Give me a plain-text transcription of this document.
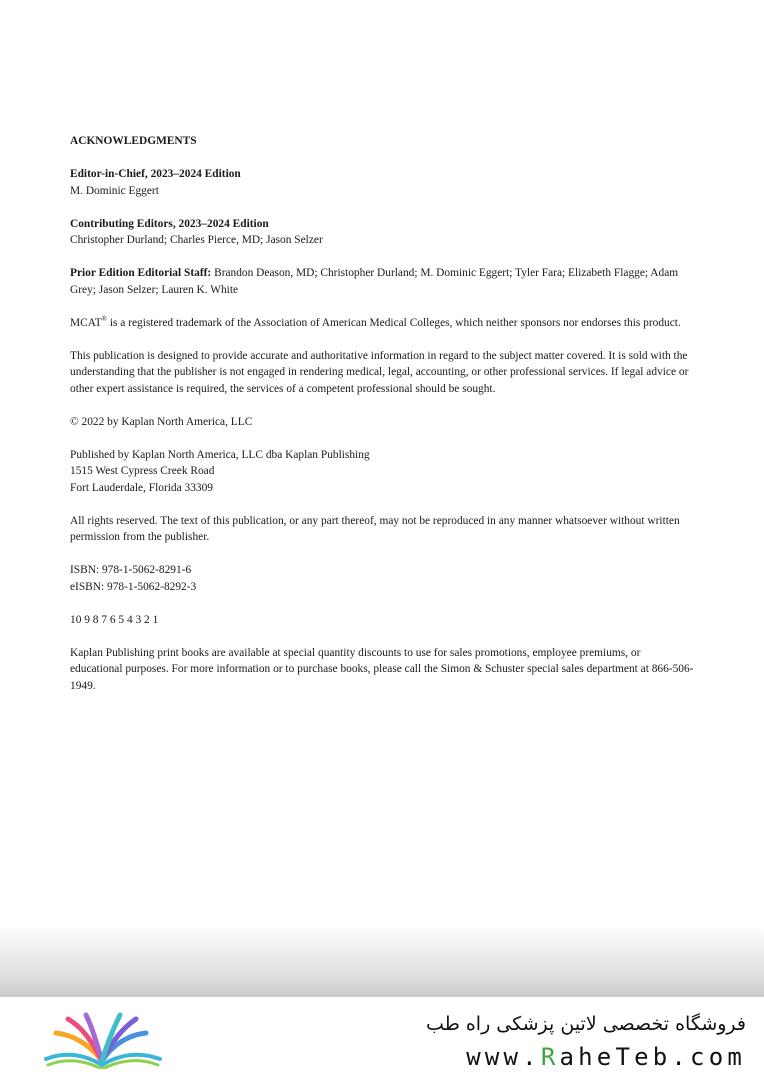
ACKNOWLEDGMENTS

Editor-in-Chief, 2023–2024 Edition
M. Dominic Eggert

Contributing Editors, 2023–2024 Edition
Christopher Durland; Charles Pierce, MD; Jason Selzer

Prior Edition Editorial Staff: Brandon Deason, MD; Christopher Durland; M. Dominic Eggert; Tyler Fara; Elizabeth Flagge; Adam Grey; Jason Selzer; Lauren K. White

MCAT® is a registered trademark of the Association of American Medical Colleges, which neither sponsors nor endorses this product.

This publication is designed to provide accurate and authoritative information in regard to the subject matter covered. It is sold with the understanding that the publisher is not engaged in rendering medical, legal, accounting, or other professional services. If legal advice or other expert assistance is required, the services of a competent professional should be sought.

© 2022 by Kaplan North America, LLC

Published by Kaplan North America, LLC dba Kaplan Publishing
1515 West Cypress Creek Road
Fort Lauderdale, Florida 33309

All rights reserved. The text of this publication, or any part thereof, may not be reproduced in any manner whatsoever without written permission from the publisher.

ISBN: 978-1-5062-8291-6
eISBN: 978-1-5062-8292-3

10 9 8 7 6 5 4 3 2 1

Kaplan Publishing print books are available at special quantity discounts to use for sales promotions, employee premiums, or educational purposes. For more information or to purchase books, please call the Simon & Schuster special sales department at 866-506-1949.

فروشگاه تخصصی لاتین پزشکی راه طب
www.RaheTeb.com
